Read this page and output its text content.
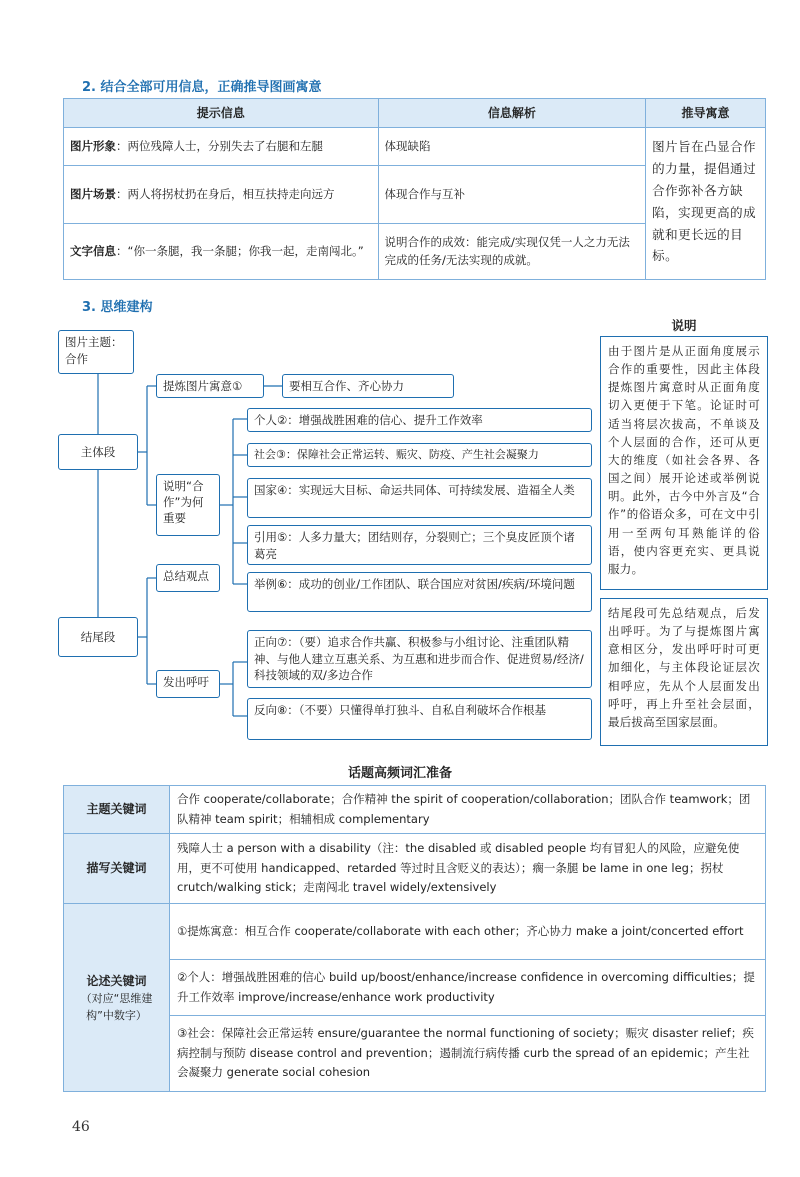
2. 结合全部可用信息，正确推导图画寓意
提示信息	信息解析	推导寓意
图片形象：两位残障人士，分别失去了右腿和左腿	体现缺陷	图片旨在凸显合作的力量，提倡通过合作弥补各方缺陷，实现更高的成就和更长远的目标。
图片场景：两人将拐杖扔在身后，相互扶持走向远方	体现合作与互补	
文字信息：“你一条腿，我一条腿；你我一起，走南闯北。”	说明合作的成效：能完成/实现仅凭一人之力无法完成的任务/无法实现的成就。	
3. 思维建构
说明
图片主题：合作
主体段
结尾段
提炼图片寓意①	要相互合作、齐心协力
说明“合作”为何重要
个人②：增强战胜困难的信心、提升工作效率
社会③：保障社会正常运转、赈灾、防疫、产生社会凝聚力
国家④：实现远大目标、命运共同体、可持续发展、造福全人类
引用⑤：人多力量大；团结则存，分裂则亡；三个臭皮匠顶个诸葛亮
举例⑥：成功的创业/工作团队、联合国应对贫困/疾病/环境问题
总结观点
发出呼吁
正向⑦：（要）追求合作共赢、积极参与小组讨论、注重团队精神、与他人建立互惠关系、为互惠和进步而合作、促进贸易/经济/科技领域的双/多边合作
反向⑧：（不要）只懂得单打独斗、自私自利破坏合作根基
由于图片是从正面角度展示合作的重要性，因此主体段提炼图片寓意时从正面角度切入更便于下笔。论证时可适当将层次拔高，不单谈及个人层面的合作，还可从更大的维度（如社会各界、各国之间）展开论述或举例说明。此外，古今中外言及“合作”的俗语众多，可在文中引用一至两句耳熟能详的俗语，使内容更充实、更具说服力。
结尾段可先总结观点，后发出呼吁。为了与提炼图片寓意相区分，发出呼吁时可更加细化，与主体段论证层次相呼应，先从个人层面发出呼吁，再上升至社会层面，最后拔高至国家层面。
话题高频词汇准备
主题关键词	合作 cooperate/collaborate；合作精神 the spirit of cooperation/collaboration；团队合作 teamwork；团队精神 team spirit；相辅相成 complementary
描写关键词	残障人士 a person with a disability（注：the disabled 或 disabled people 均有冒犯人的风险，应避免使用，更不可使用 handicapped、retarded 等过时且含贬义的表达）；瘸一条腿 be lame in one leg；拐杖 crutch/walking stick；走南闯北 travel widely/extensively
论述关键词
（对应“思维建构”中数字）	①提炼寓意：相互合作 cooperate/collaborate with each other；齐心协力 make a joint/concerted effort
	②个人：增强战胜困难的信心 build up/boost/enhance/increase confidence in overcoming difficulties；提升工作效率 improve/increase/enhance work productivity
	③社会：保障社会正常运转 ensure/guarantee the normal functioning of society；赈灾 disaster relief；疾病控制与预防 disease control and prevention；遏制流行病传播 curb the spread of an epidemic；产生社会凝聚力 generate social cohesion
46
